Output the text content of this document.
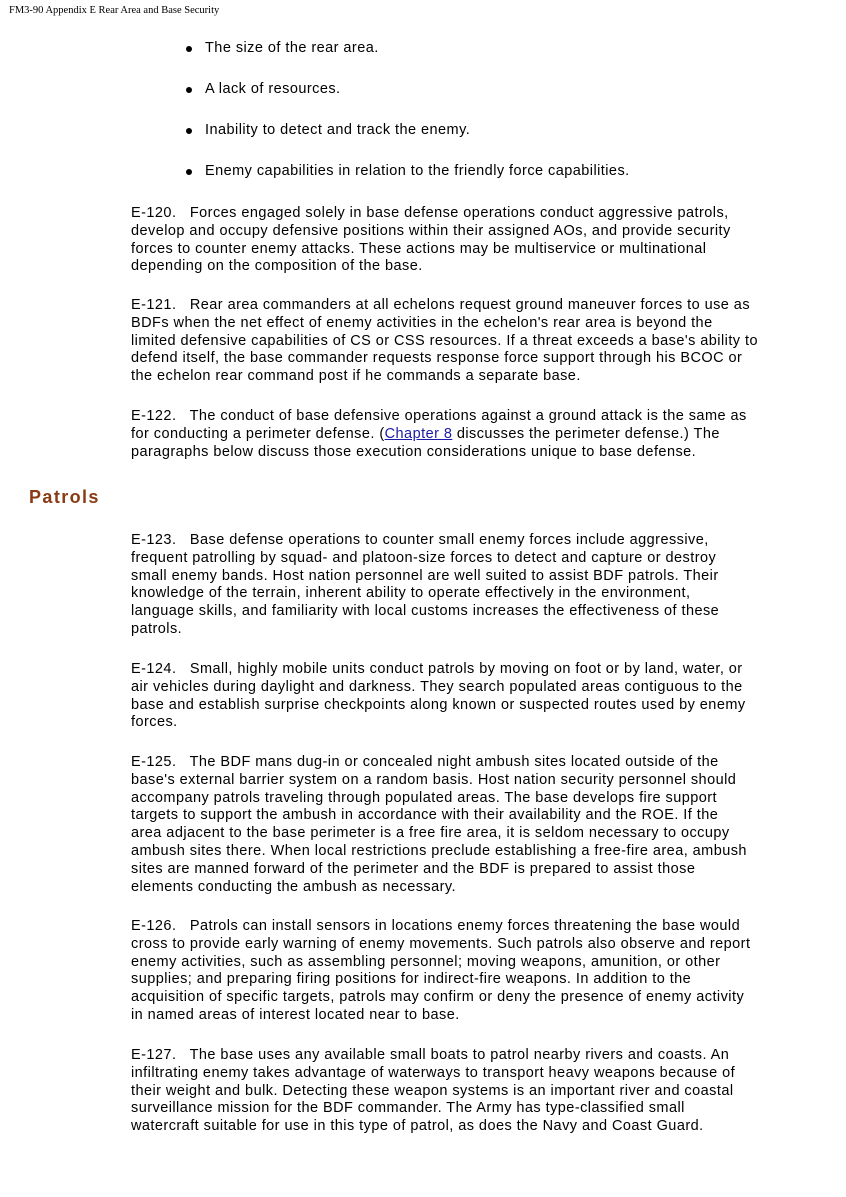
FM3-90 Appendix E Rear Area and Base Security
The size of the rear area.
A lack of resources.
Inability to detect and track the enemy.
Enemy capabilities in relation to the friendly force capabilities.

E-120. Forces engaged solely in base defense operations conduct aggressive patrols,
develop and occupy defensive positions within their assigned AOs, and provide security
forces to counter enemy attacks. These actions may be multiservice or multinational
depending on the composition of the base.

E-121. Rear area commanders at all echelons request ground maneuver forces to use as
BDFs when the net effect of enemy activities in the echelon's rear area is beyond the
limited defensive capabilities of CS or CSS resources. If a threat exceeds a base's ability to
defend itself, the base commander requests response force support through his BCOC or
the echelon rear command post if he commands a separate base.

E-122. The conduct of base defensive operations against a ground attack is the same as
for conducting a perimeter defense. (Chapter 8 discusses the perimeter defense.) The
paragraphs below discuss those execution considerations unique to base defense.

Patrols

E-123. Base defense operations to counter small enemy forces include aggressive,
frequent patrolling by squad- and platoon-size forces to detect and capture or destroy
small enemy bands. Host nation personnel are well suited to assist BDF patrols. Their
knowledge of the terrain, inherent ability to operate effectively in the environment,
language skills, and familiarity with local customs increases the effectiveness of these
patrols.

E-124. Small, highly mobile units conduct patrols by moving on foot or by land, water, or
air vehicles during daylight and darkness. They search populated areas contiguous to the
base and establish surprise checkpoints along known or suspected routes used by enemy
forces.

E-125. The BDF mans dug-in or concealed night ambush sites located outside of the
base's external barrier system on a random basis. Host nation security personnel should
accompany patrols traveling through populated areas. The base develops fire support
targets to support the ambush in accordance with their availability and the ROE. If the
area adjacent to the base perimeter is a free fire area, it is seldom necessary to occupy
ambush sites there. When local restrictions preclude establishing a free-fire area, ambush
sites are manned forward of the perimeter and the BDF is prepared to assist those
elements conducting the ambush as necessary.

E-126. Patrols can install sensors in locations enemy forces threatening the base would
cross to provide early warning of enemy movements. Such patrols also observe and report
enemy activities, such as assembling personnel; moving weapons, amunition, or other
supplies; and preparing firing positions for indirect-fire weapons. In addition to the
acquisition of specific targets, patrols may confirm or deny the presence of enemy activity
in named areas of interest located near to base.

E-127. The base uses any available small boats to patrol nearby rivers and coasts. An
infiltrating enemy takes advantage of waterways to transport heavy weapons because of
their weight and bulk. Detecting these weapon systems is an important river and coastal
surveillance mission for the BDF commander. The Army has type-classified small
watercraft suitable for use in this type of patrol, as does the Navy and Coast Guard.
